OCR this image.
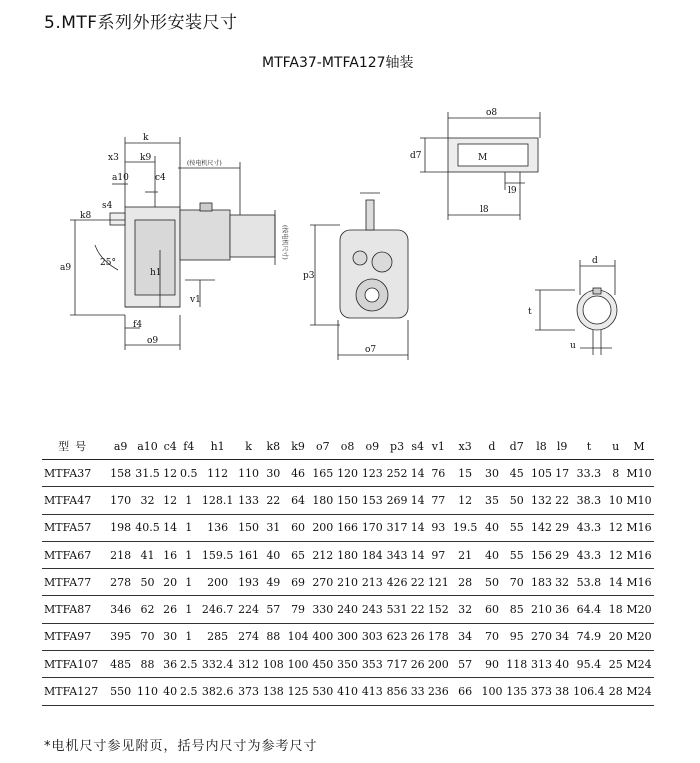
5.MTF系列外形安装尺寸
MTFA37-MTFA127轴装
k
x3 k9
a10	c4
s4
k8
a9	25°
h1
v1
f4
o9
(按电机尺寸)
(按电机尺寸)
p3
o7
o8
d7	M
l9
l8
d
t
u
型号	a9	a10	c4	f4	h1	k	k8	k9	o7	o8	o9	p3	s4	v1	x3	d	d7	l8	l9	t	u	M
MTFA37	158	31.5	12	0.5	112	110	30	46	165	120	123	252	14	76	15	30	45	105	17	33.3	8	M10
MTFA47	170	32	12	1	128.1	133	22	64	180	150	153	269	14	77	12	35	50	132	22	38.3	10	M10
MTFA57	198	40.5	14	1	136	150	31	60	200	166	170	317	14	93	19.5	40	55	142	29	43.3	12	M16
MTFA67	218	41	16	1	159.5	161	40	65	212	180	184	343	14	97	21	40	55	156	29	43.3	12	M16
MTFA77	278	50	20	1	200	193	49	69	270	210	213	426	22	121	28	50	70	183	32	53.8	14	M16
MTFA87	346	62	26	1	246.7	224	57	79	330	240	243	531	22	152	32	60	85	210	36	64.4	18	M20
MTFA97	395	70	30	1	285	274	88	104	400	300	303	623	26	178	34	70	95	270	34	74.9	20	M20
MTFA107	485	88	36	2.5	332.4	312	108	100	450	350	353	717	26	200	57	90	118	313	40	95.4	25	M24
MTFA127	550	110	40	2.5	382.6	373	138	125	530	410	413	856	33	236	66	100	135	373	38	106.4	28	M24
*电机尺寸参见附页，括号内尺寸为参考尺寸
